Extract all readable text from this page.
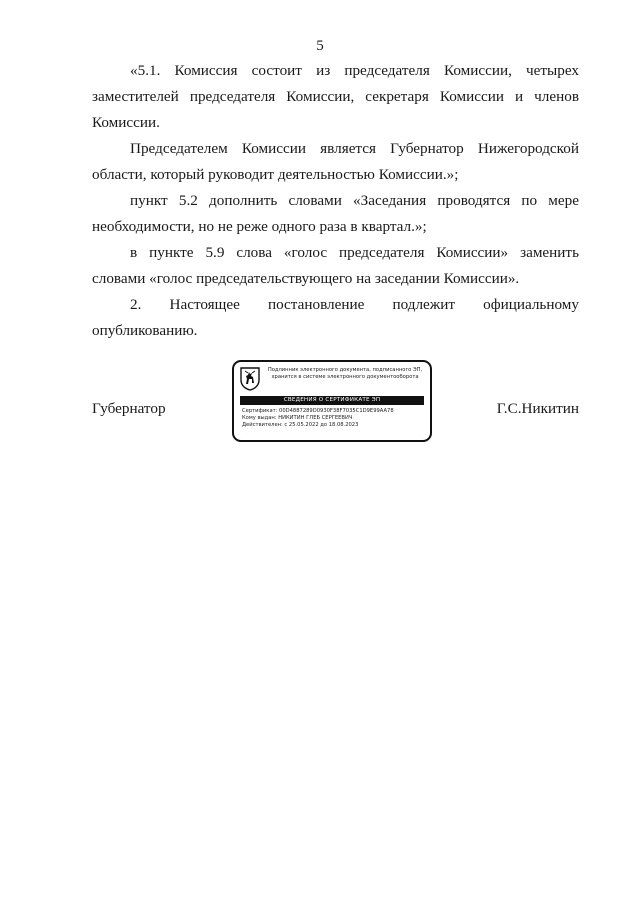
5

«5.1. Комиссия состоит из председателя Комиссии, четырех заместителей председателя Комиссии, секретаря Комиссии и членов Комиссии.

Председателем Комиссии является Губернатор Нижегородской области, который руководит деятельностью Комиссии.»;

пункт 5.2 дополнить словами «Заседания проводятся по мере необходимости, но не реже одного раза в квартал.»;

в пункте 5.9 слова «голос председателя Комиссии» заменить словами «голос председательствующего на заседании Комиссии».

2. Настоящее постановление подлежит официальному опубликованию.

Губернатор	Г.С.Никитин
Подлинник электронного документа, подписанного ЭП,
хранится в системе электронного документооборота
СВЕДЕНИЯ О СЕРТИФИКАТЕ ЭП
Сертификат: 00D4887289D0930F38F7035C1D9E99AA78
Кому выдан: НИКИТИН ГЛЕБ СЕРГЕЕВИЧ
Действителен: с 25.05.2022 до 18.08.2023
